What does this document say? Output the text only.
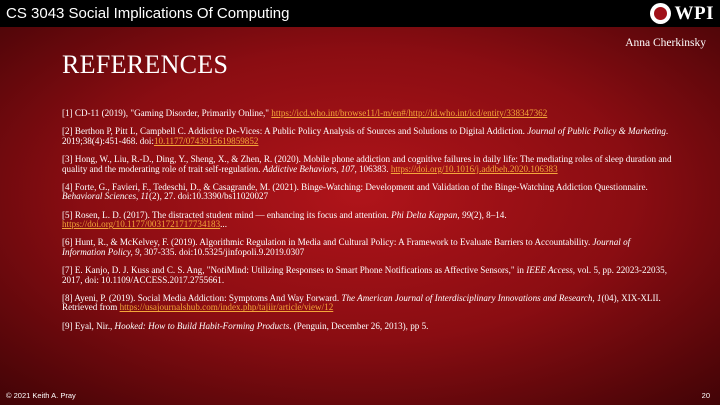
CS 3043 Social Implications Of Computing	WPI
Anna Cherkinsky
REFERENCES
[1] CD-11 (2019), "Gaming Disorder, Primarily Online," https://icd.who.int/browse11/l-m/en#/http://id.who.int/icd/entity/338347362
[2] Berthon P, Pitt L, Campbell C. Addictive De-Vices: A Public Policy Analysis of Sources and Solutions to Digital Addiction. Journal of Public Policy & Marketing. 2019;38(4):451-468. doi:10.1177/0743915619859852
[3] Hong, W., Liu, R.-D., Ding, Y., Sheng, X., & Zhen, R. (2020). Mobile phone addiction and cognitive failures in daily life: The mediating roles of sleep duration and quality and the moderating role of trait self-regulation. Addictive Behaviors, 107, 106383. https://doi.org/10.1016/j.addbeh.2020.106383
[4] Forte, G., Favieri, F., Tedeschi, D., & Casagrande, M. (2021). Binge-Watching: Development and Validation of the Binge-Watching Addiction Questionnaire. Behavioral Sciences, 11(2), 27. doi:10.3390/bs11020027
[5] Rosen, L. D. (2017). The distracted student mind — enhancing its focus and attention. Phi Delta Kappan, 99(2), 8–14. https://doi.org/10.1177/0031721717734183...
[6] Hunt, R., & McKelvey, F. (2019). Algorithmic Regulation in Media and Cultural Policy: A Framework to Evaluate Barriers to Accountability. Journal of Information Policy, 9, 307-335. doi:10.5325/jinfopoli.9.2019.0307
[7] E. Kanjo, D. J. Kuss and C. S. Ang, "NotiMind: Utilizing Responses to Smart Phone Notifications as Affective Sensors," in IEEE Access, vol. 5, pp. 22023-22035, 2017, doi: 10.1109/ACCESS.2017.2755661.
[8] Ayeni, P. (2019). Social Media Addiction: Symptoms And Way Forward. The American Journal of Interdisciplinary Innovations and Research, 1(04), XIX-XLII. Retrieved from https://usajournalshub.com/index.php/tajiir/article/view/12
[9] Eyal, Nir., Hooked: How to Build Habit-Forming Products. (Penguin, December 26, 2013), pp 5.
© 2021 Keith A. Pray	20
